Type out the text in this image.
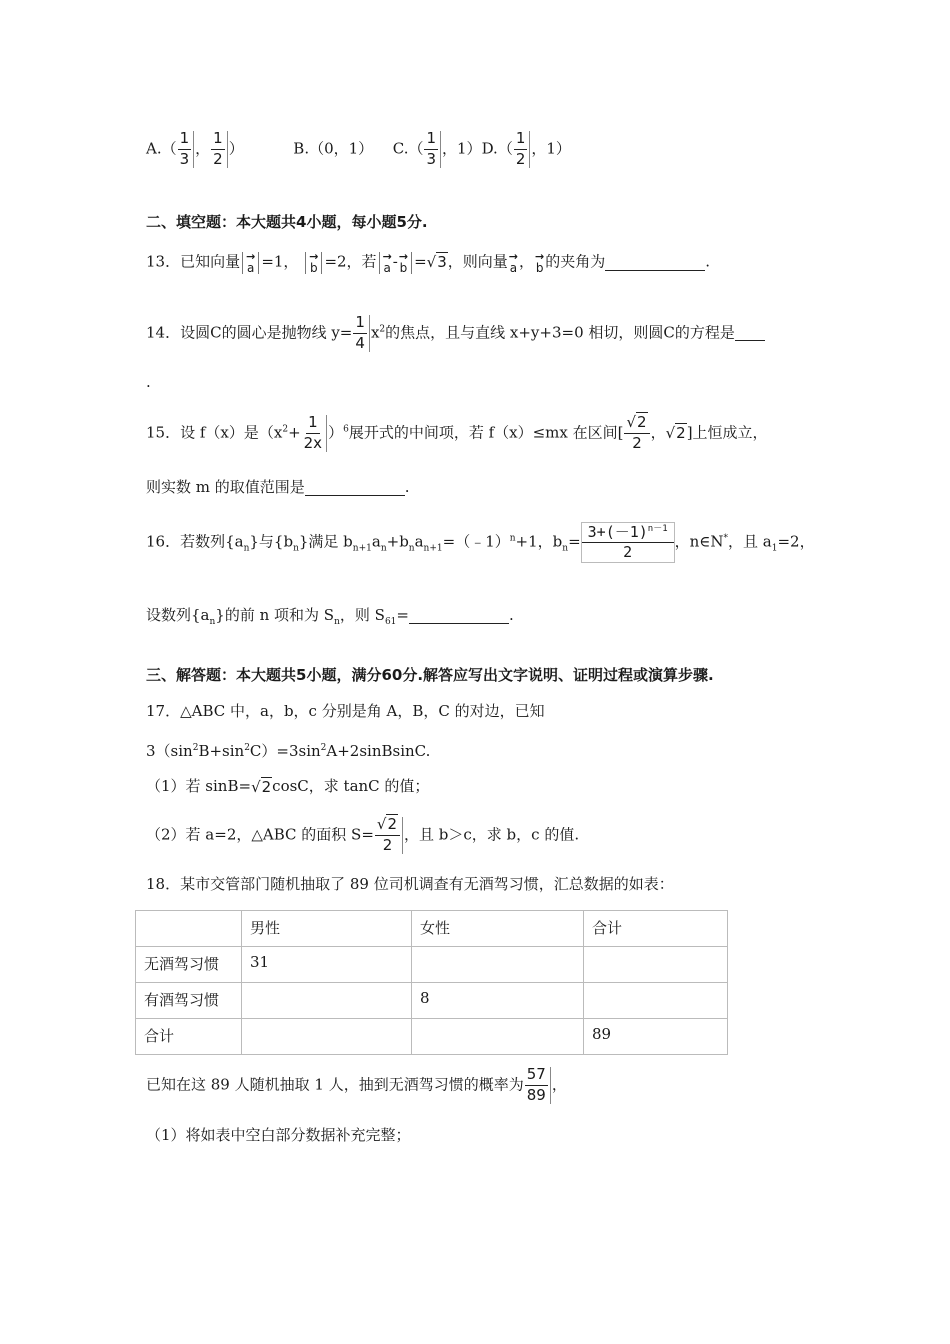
$A.( \frac{1}{3}$ ， $\frac{1}{2}$ ）	B.（0，1） $C.( \frac{1}{3}$ ，$1)D.( \frac{1}{2}$ ，1）
二、填空题：本大题共4小题，每小题5分.
13．已知向量 →
a =1， →
b =2，若 →
a - →
b =√3，则向量 →
a ， →
b 的夹角为	.
14．设圆C的圆心是抛物线 $y= \frac{1}{4} x^2$的焦点，且与直线 x+y+3=0 相切，则圆C的方程是
.
15．设 f（x）是$(x^2+ \frac{1}{2x} )^6$展开式的中间项，若 f（x）≤mx 在区间[ $\frac{√2}{2}$ ，√2]上恒成立，
则实数 m 的取值范围是	.
16．若数列$\{a_n\}$与$\{b_n\}$满足 $b_{n+1}a_n+b_na_{n+1}=(﹣1)^n+1$，$b_n= \frac{3+(-1)^{n-1}}{2}$ ，n∈N*，且 $a_1=2$，
设数列$\{a_n\}$的前 n 项和为 $S_n$，则 $S_{61}=$	.
三、解答题：本大题共5小题，满分60分.解答应写出文字说明、证明过程或演算步骤.
17．△ABC 中，a，b，c 分别是角 A，B，C 的对边，已知
$3(\sin^2B+\sin^2C)=3\sin^2A+2sinBsinC$.
（1）若 sinB=√2cosC，求 tanC 的值；
（2）若 a=2，△ABC 的面积 $S= \frac{√2}{2}$ ，且 b＞c，求 b，c 的值.
18．某市交管部门随机抽取了 89 位司机调查有无酒驾习惯，汇总数据的如表：
	男性	女性	合计
无酒驾习惯	31		
有酒驾习惯		8	
合计			89
已知在这 89 人随机抽取 1 人，抽到无酒驾习惯的概率为 $\frac{57}{89}$ ，
（1）将如表中空白部分数据补充完整；
